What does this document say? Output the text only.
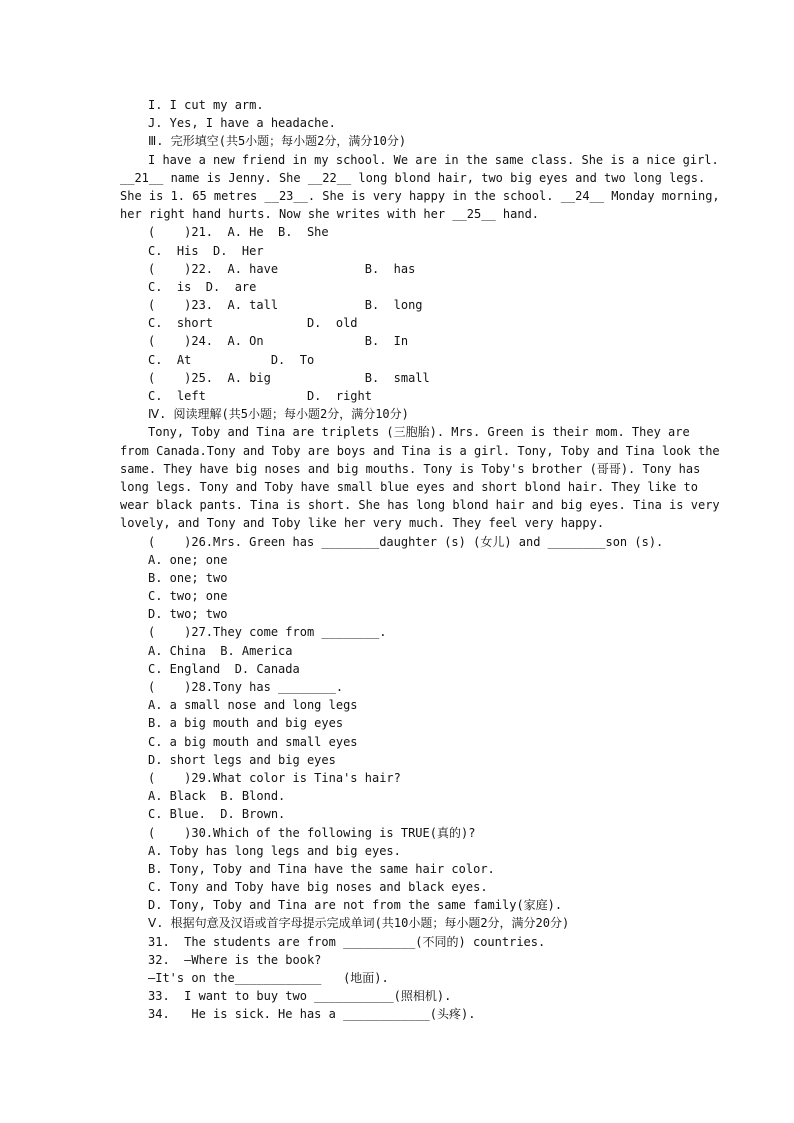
I. I cut my arm.
J. Yes, I have a headache.
Ⅲ. 完形填空(共5小题；每小题2分，满分10分)
I have a new friend in my school. We are in the same class. She is a nice girl.
__21__ name is Jenny. She __22__ long blond hair, two big eyes and two long legs.
She is 1. 65 metres __23__. She is very happy in the school. __24__ Monday morning,
her right hand hurts. Now she writes with her __25__ hand.
(    )21.  A. He  B.  She
C.  His  D.  Her
(    )22.  A. have            B.  has
C.  is  D.  are
(    )23.  A. tall            B.  long
C.  short             D.  old
(    )24.  A. On              B.  In
C.  At           D.  To
(    )25.  A. big             B.  small
C.  left              D.  right
Ⅳ. 阅读理解(共5小题；每小题2分，满分10分)
Tony, Toby and Tina are triplets (三胞胎). Mrs. Green is their mom. They are
from Canada.Tony and Toby are boys and Tina is a girl. Tony, Toby and Tina look the
same. They have big noses and big mouths. Tony is Toby's brother (哥哥). Tony has
long legs. Tony and Toby have small blue eyes and short blond hair. They like to
wear black pants. Tina is short. She has long blond hair and big eyes. Tina is very
lovely, and Tony and Toby like her very much. They feel very happy.
(    )26.Mrs. Green has ________daughter (s) (女儿) and ________son (s).
A. one; one
B. one; two
C. two; one
D. two; two
(    )27.They come from ________.
A. China  B. America
C. England  D. Canada
(    )28.Tony has ________.
A. a small nose and long legs
B. a big mouth and big eyes
C. a big mouth and small eyes
D. short legs and big eyes
(    )29.What color is Tina's hair?
A. Black  B. Blond.
C. Blue.  D. Brown.
(    )30.Which of the following is TRUE(真的)?
A. Toby has long legs and big eyes.
B. Tony, Toby and Tina have the same hair color.
C. Tony and Toby have big noses and black eyes.
D. Tony, Toby and Tina are not from the same family(家庭).
Ⅴ. 根据句意及汉语或首字母提示完成单词(共10小题；每小题2分，满分20分)
31.  The students are from __________(不同的) countries.
32.  —Where is the book?
—It's on the____________   (地面).
33.  I want to buy two ___________(照相机).
34.   He is sick. He has a ____________(头疼).
